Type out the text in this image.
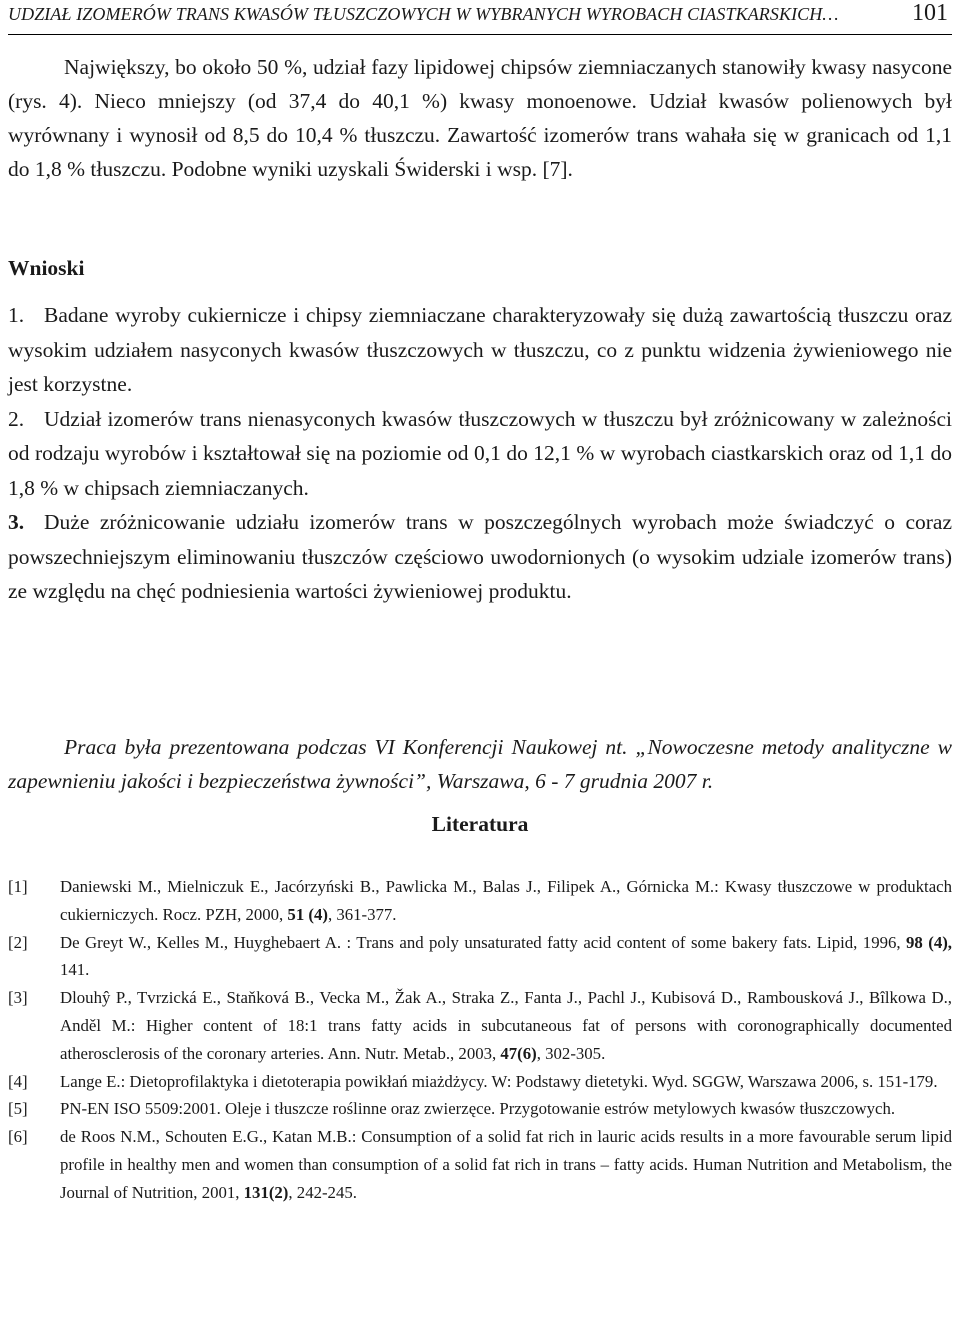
UDZIAŁ IZOMERÓW TRANS KWASÓW TŁUSZCZOWYCH W WYBRANYCH WYROBACH CIASTKARSKICH…	101

Największy, bo około 50 %, udział fazy lipidowej chipsów ziemniaczanych stanowiły kwasy nasycone (rys. 4). Nieco mniejszy (od 37,4 do 40,1 %) kwasy monoenowe. Udział kwasów polienowych był wyrównany i wynosił od 8,5 do 10,4 % tłuszczu. Zawartość izomerów trans wahała się w granicach od 1,1 do 1,8 % tłuszczu. Podobne wyniki uzyskali Świderski i wsp. [7].

Wnioski
1. Badane wyroby cukiernicze i chipsy ziemniaczane charakteryzowały się dużą zawartością tłuszczu oraz wysokim udziałem nasyconych kwasów tłuszczowych w tłuszczu, co z punktu widzenia żywieniowego nie jest korzystne.
2. Udział izomerów trans nienasyconych kwasów tłuszczowych w tłuszczu był zróżnicowany w zależności od rodzaju wyrobów i kształtował się na poziomie od 0,1 do 12,1 % w wyrobach ciastkarskich oraz od 1,1 do 1,8 % w chipsach ziemniaczanych.
3. Duże zróżnicowanie udziału izomerów trans w poszczególnych wyrobach może świadczyć o coraz powszechniejszym eliminowaniu tłuszczów częściowo uwodornionych (o wysokim udziale izomerów trans) ze względu na chęć podniesienia wartości żywieniowej produktu.

Praca była prezentowana podczas VI Konferencji Naukowej nt. „Nowoczesne metody analityczne w zapewnieniu jakości i bezpieczeństwa żywności”, Warszawa, 6 - 7 grudnia 2007 r.

Literatura
[1]	Daniewski M., Mielniczuk E., Jacórzyński B., Pawlicka M., Balas J., Filipek A., Górnicka M.: Kwasy tłuszczowe w produktach cukierniczych. Rocz. PZH, 2000, 51 (4), 361-377.
[2]	De Greyt W., Kelles M., Huyghebaert A. : Trans and poly unsaturated fatty acid content of some bakery fats. Lipid, 1996, 98 (4), 141.
[3]	Dlouhŷ P., Tvrzická E., Staňková B., Vecka M., Žak A., Straka Z., Fanta J., Pachl J., Kubisová D., Rambousková J., Bîlkowa D., Anděl M.: Higher content of 18:1 trans fatty acids in subcutaneous fat of persons with coronographically documented atherosclerosis of the coronary arteries. Ann. Nutr. Metab., 2003, 47(6), 302-305.
[4]	Lange E.: Dietoprofilaktyka i dietoterapia powikłań miażdżycy. W: Podstawy dietetyki. Wyd. SGGW, Warszawa 2006, s. 151-179.
[5]	PN-EN ISO 5509:2001. Oleje i tłuszcze roślinne oraz zwierzęce. Przygotowanie estrów metylowych kwasów tłuszczowych.
[6]	de Roos N.M., Schouten E.G., Katan M.B.: Consumption of a solid fat rich in lauric acids results in a more favourable serum lipid profile in healthy men and women than consumption of a solid fat rich in trans – fatty acids. Human Nutrition and Metabolism, the Journal of Nutrition, 2001, 131(2), 242-245.
